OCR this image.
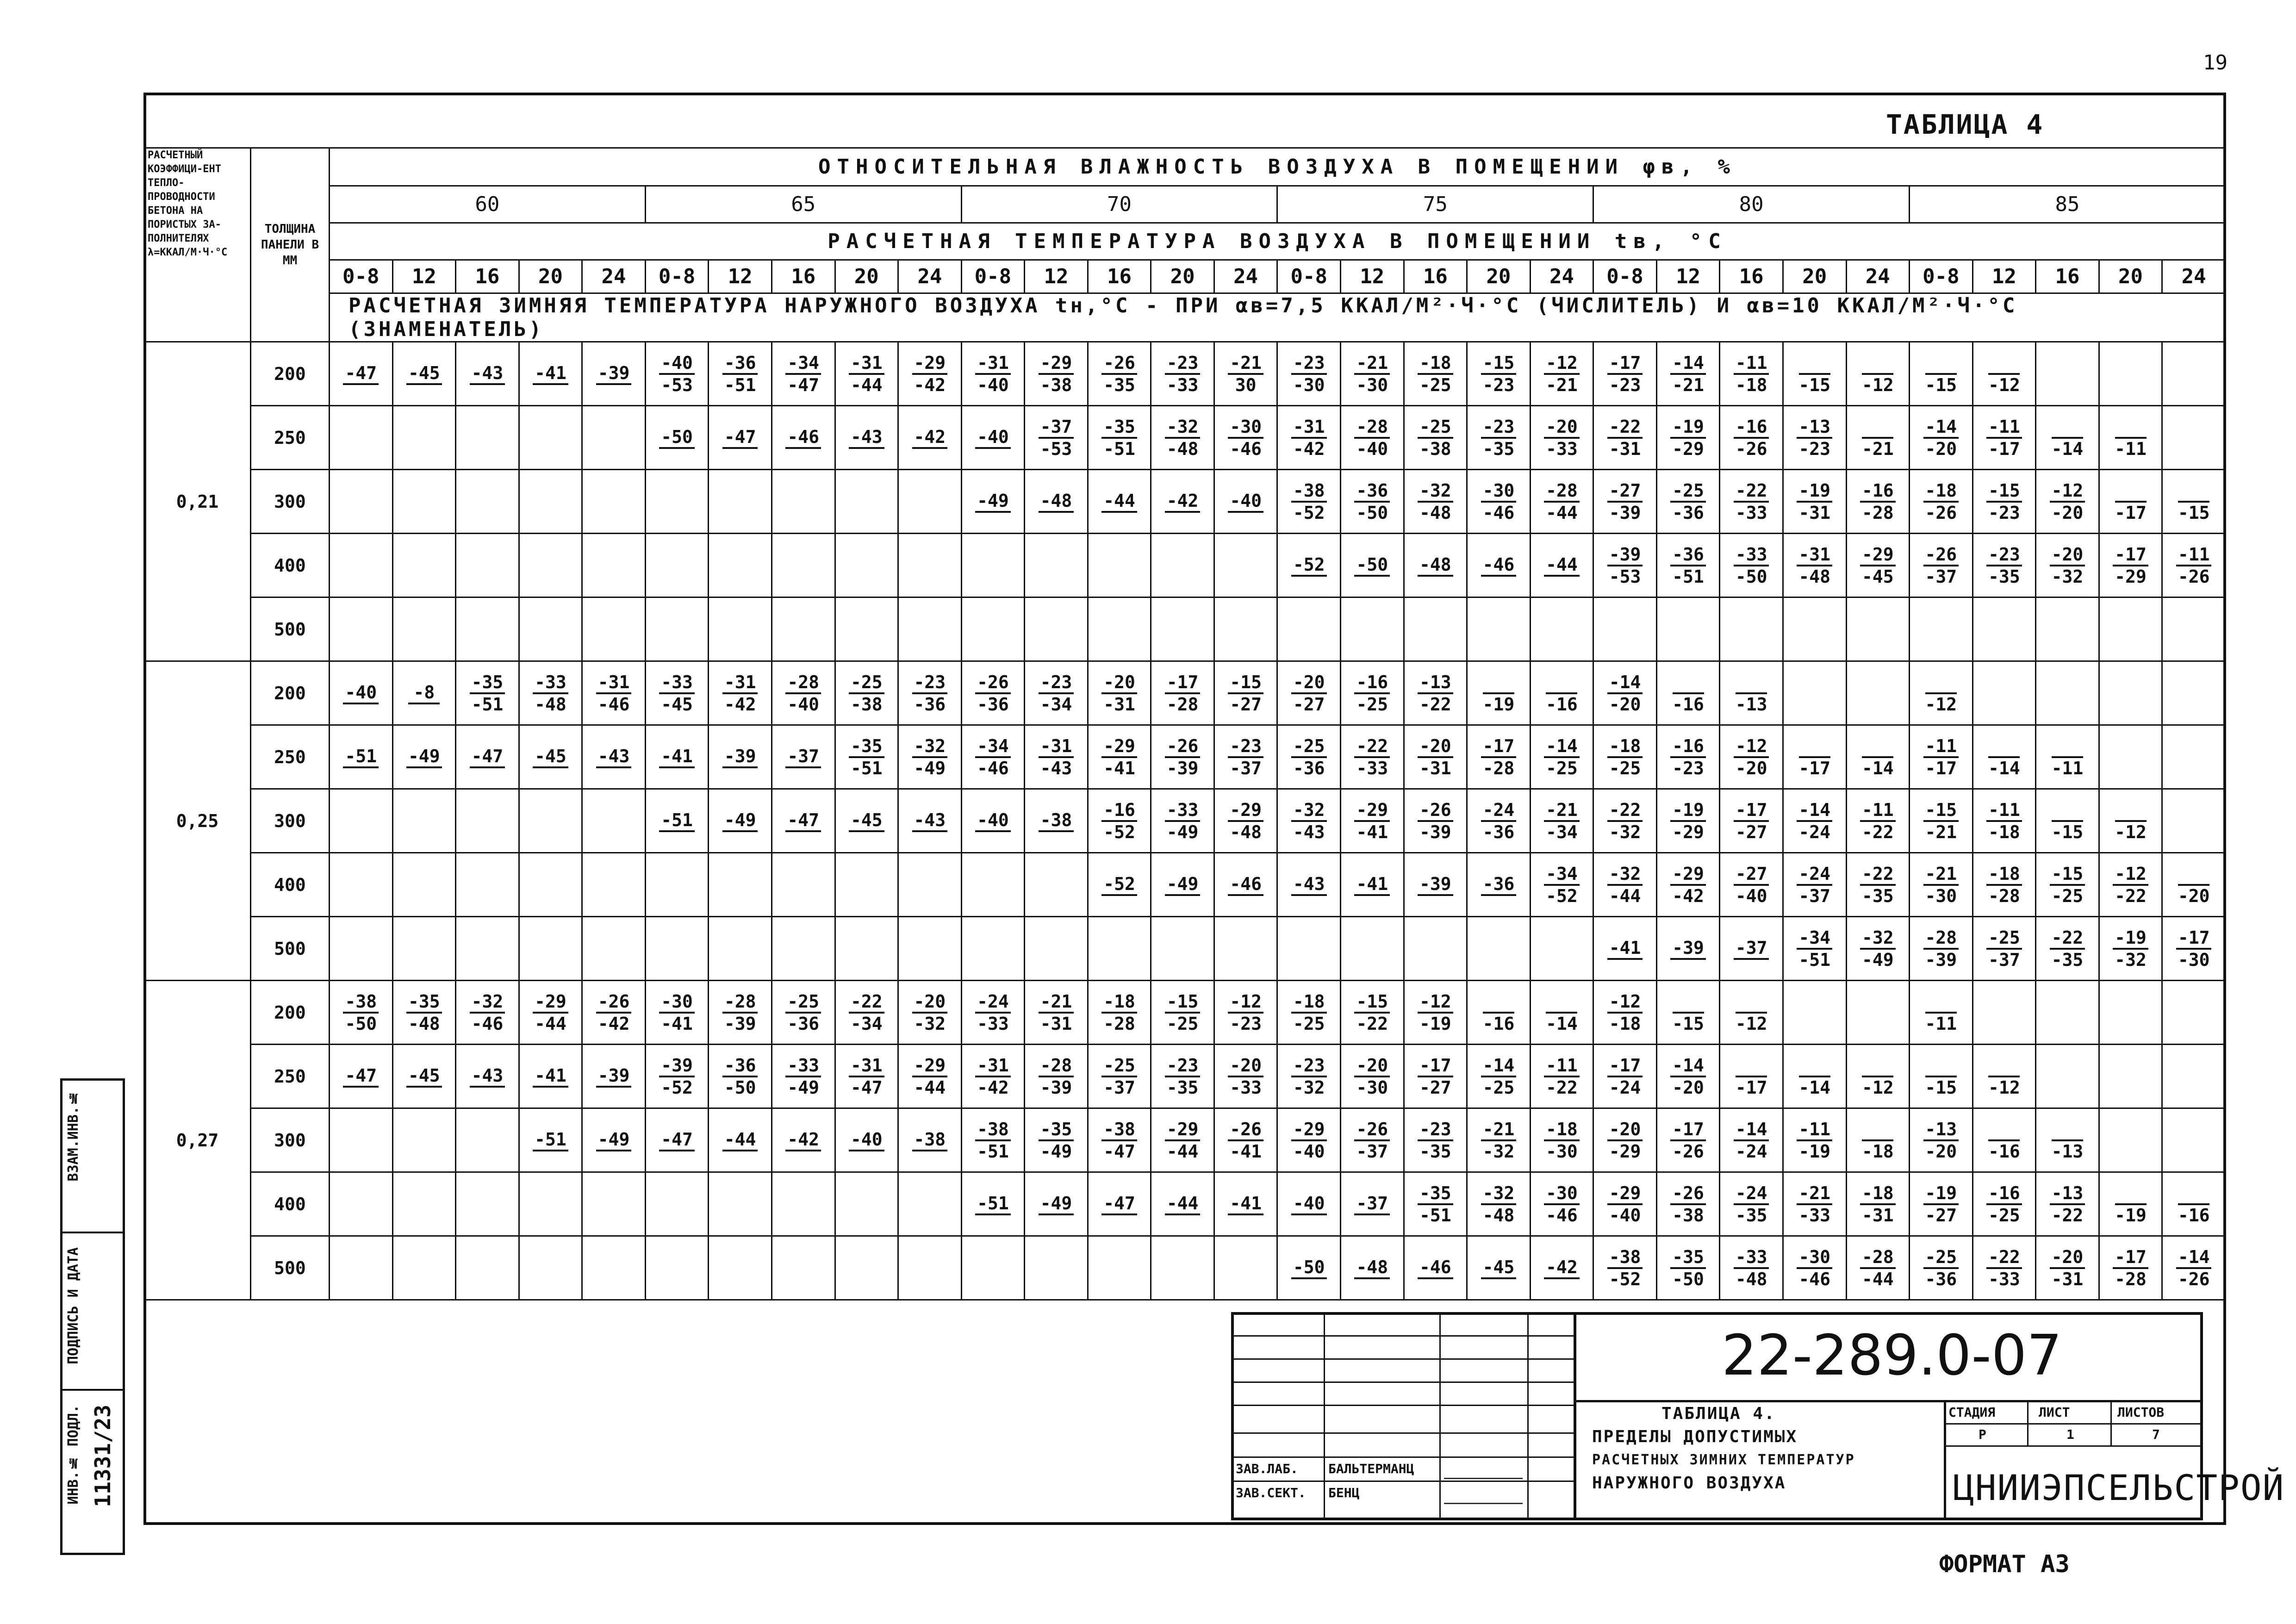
19
ТАБЛИЦА 4
РАСЧЕТНЫЙ КОЭФФИЦИ-ЕНТ ТЕПЛО-ПРОВОДНОСТИ БЕТОНА НА ПОРИСТЫХ ЗА-ПОЛНИТЕЛЯХ
λ=ККАЛ/М·Ч·°С	ТОЛЩИНА ПАНЕЛИ В ММ	ОТНОСИТЕЛЬНАЯ ВЛАЖНОСТЬ ВОЗДУХА В ПОМЕЩЕНИИ φв, %																													
		60					65					70					75					80					85				
		РАСЧЕТНАЯ ТЕМПЕРАТУРА ВОЗДУХА В ПОМЕЩЕНИИ tв, °С																													
		0-8	12	16	20	24	0-8	12	16	20	24	0-8	12	16	20	24	0-8	12	16	20	24	0-8	12	16	20	24	0-8	12	16	20	24
		РАСЧЕТНАЯ ЗИМНЯЯ ТЕМПЕРАТУРА НАРУЖНОГО ВОЗДУХА tн,°С - ПРИ αв=7,5 ККАЛ/М²·Ч·°С (ЧИСЛИТЕЛЬ) И αв=10 ККАЛ/М²·Ч·°С (ЗНАМЕНАТЕЛЬ)																													
0,21	200	-47	-45	-43	-41	-39	$\frac{-40}{-53}$	$\frac{-36}{-51}$	$\frac{-34}{-47}$	$\frac{-31}{-44}$	$\frac{-29}{-42}$	$\frac{-31}{-40}$	$\frac{-29}{-38}$	$\frac{-26}{-35}$	$\frac{-23}{-33}$	$\frac{-21}{30}$	$\frac{-23}{-30}$	$\frac{-21}{-30}$	$\frac{-18}{-25}$	$\frac{-15}{-23}$	$\frac{-12}{-21}$	$\frac{-17}{-23}$	$\frac{-14}{-21}$	$\frac{-11}{-18}$	-15	-12	-15	-12			

	250						-50	-47	-46	-43	-42	-40	$\frac{-37}{-53}$	$\frac{-35}{-51}$	$\frac{-32}{-48}$	$\frac{-30}{-46}$	$\frac{-31}{-42}$	$\frac{-28}{-40}$	$\frac{-25}{-38}$	$\frac{-23}{-35}$	$\frac{-20}{-33}$	$\frac{-22}{-31}$	$\frac{-19}{-29}$	$\frac{-16}{-26}$	$\frac{-13}{-23}$	-21	$\frac{-14}{-20}$	$\frac{-11}{-17}$	-14	-11	

	300											-49	-48	-44	-42	-40	$\frac{-38}{-52}$	$\frac{-36}{-50}$	$\frac{-32}{-48}$	$\frac{-30}{-46}$	$\frac{-28}{-44}$	$\frac{-27}{-39}$	$\frac{-25}{-36}$	$\frac{-22}{-33}$	$\frac{-19}{-31}$	$\frac{-16}{-28}$	$\frac{-18}{-26}$	$\frac{-15}{-23}$	$\frac{-12}{-20}$	-17	-15

	400																-52	-50	-48	-46	-44	$\frac{-39}{-53}$	$\frac{-36}{-51}$	$\frac{-33}{-50}$	$\frac{-31}{-48}$	$\frac{-29}{-45}$	$\frac{-26}{-37}$	$\frac{-23}{-35}$	$\frac{-20}{-32}$	$\frac{-17}{-29}$	$\frac{-11}{-26}$

	500																														
0,25	200	-40	-8	$\frac{-35}{-51}$	$\frac{-33}{-48}$	$\frac{-31}{-46}$	$\frac{-33}{-45}$	$\frac{-31}{-42}$	$\frac{-28}{-40}$	$\frac{-25}{-38}$	$\frac{-23}{-36}$	$\frac{-26}{-36}$	$\frac{-23}{-34}$	$\frac{-20}{-31}$	$\frac{-17}{-28}$	$\frac{-15}{-27}$	$\frac{-20}{-27}$	$\frac{-16}{-25}$	$\frac{-13}{-22}$	-19	-16	$\frac{-14}{-20}$	-16	-13			-12				

	250	-51	-49	-47	-45	-43	-41	-39	-37	$\frac{-35}{-51}$	$\frac{-32}{-49}$	$\frac{-34}{-46}$	$\frac{-31}{-43}$	$\frac{-29}{-41}$	$\frac{-26}{-39}$	$\frac{-23}{-37}$	$\frac{-25}{-36}$	$\frac{-22}{-33}$	$\frac{-20}{-31}$	$\frac{-17}{-28}$	$\frac{-14}{-25}$	$\frac{-18}{-25}$	$\frac{-16}{-23}$	$\frac{-12}{-20}$	-17	-14	$\frac{-11}{-17}$	-14	-11		

	300						-51	-49	-47	-45	-43	-40	-38	$\frac{-16}{-52}$	$\frac{-33}{-49}$	$\frac{-29}{-48}$	$\frac{-32}{-43}$	$\frac{-29}{-41}$	$\frac{-26}{-39}$	$\frac{-24}{-36}$	$\frac{-21}{-34}$	$\frac{-22}{-32}$	$\frac{-19}{-29}$	$\frac{-17}{-27}$	$\frac{-14}{-24}$	$\frac{-11}{-22}$	$\frac{-15}{-21}$	$\frac{-11}{-18}$	-15	-12	

	400													-52	-49	-46	-43	-41	-39	-36	$\frac{-34}{-52}$	$\frac{-32}{-44}$	$\frac{-29}{-42}$	$\frac{-27}{-40}$	$\frac{-24}{-37}$	$\frac{-22}{-35}$	$\frac{-21}{-30}$	$\frac{-18}{-28}$	$\frac{-15}{-25}$	$\frac{-12}{-22}$	-20

	500																					-41	-39	-37	$\frac{-34}{-51}$	$\frac{-32}{-49}$	$\frac{-28}{-39}$	$\frac{-25}{-37}$	$\frac{-22}{-35}$	$\frac{-19}{-32}$	$\frac{-17}{-30}$

0,27	200	$\frac{-38}{-50}$	$\frac{-35}{-48}$	$\frac{-32}{-46}$	$\frac{-29}{-44}$	$\frac{-26}{-42}$	$\frac{-30}{-41}$	$\frac{-28}{-39}$	$\frac{-25}{-36}$	$\frac{-22}{-34}$	$\frac{-20}{-32}$	$\frac{-24}{-33}$	$\frac{-21}{-31}$	$\frac{-18}{-28}$	$\frac{-15}{-25}$	$\frac{-12}{-23}$	$\frac{-18}{-25}$	$\frac{-15}{-22}$	$\frac{-12}{-19}$	-16	-14	$\frac{-12}{-18}$	-15	-12			-11				

	250	-47	-45	-43	-41	-39	$\frac{-39}{-52}$	$\frac{-36}{-50}$	$\frac{-33}{-49}$	$\frac{-31}{-47}$	$\frac{-29}{-44}$	$\frac{-31}{-42}$	$\frac{-28}{-39}$	$\frac{-25}{-37}$	$\frac{-23}{-35}$	$\frac{-20}{-33}$	$\frac{-23}{-32}$	$\frac{-20}{-30}$	$\frac{-17}{-27}$	$\frac{-14}{-25}$	$\frac{-11}{-22}$	$\frac{-17}{-24}$	$\frac{-14}{-20}$	-17	-14	-12	-15	-12			

	300				-51	-49	-47	-44	-42	-40	-38	$\frac{-38}{-51}$	$\frac{-35}{-49}$	$\frac{-38}{-47}$	$\frac{-29}{-44}$	$\frac{-26}{-41}$	$\frac{-29}{-40}$	$\frac{-26}{-37}$	$\frac{-23}{-35}$	$\frac{-21}{-32}$	$\frac{-18}{-30}$	$\frac{-20}{-29}$	$\frac{-17}{-26}$	$\frac{-14}{-24}$	$\frac{-11}{-19}$	-18	$\frac{-13}{-20}$	-16	-13		

	400											-51	-49	-47	-44	-41	-40	-37	$\frac{-35}{-51}$	$\frac{-32}{-48}$	$\frac{-30}{-46}$	$\frac{-29}{-40}$	$\frac{-26}{-38}$	$\frac{-24}{-35}$	$\frac{-21}{-33}$	$\frac{-18}{-31}$	$\frac{-19}{-27}$	$\frac{-16}{-25}$	$\frac{-13}{-22}$	-19	-16

	500																-50	-48	-46	-45	-42	$\frac{-38}{-52}$	$\frac{-35}{-50}$	$\frac{-33}{-48}$	$\frac{-30}{-46}$	$\frac{-28}{-44}$	$\frac{-25}{-36}$	$\frac{-22}{-33}$	$\frac{-20}{-31}$	$\frac{-17}{-28}$	$\frac{-14}{-26}$
ВЗАМ.ИНВ.№
ПОДПИСЬ И ДАТА
ИНВ.№ ПОДЛ. 11331/23	ЗАВ.ЛАБ. БАЛЬТЕРМАНЦ
ЗАВ.СЕКТ. БЕНЦ
СТАДИЯ	ЛИСТ	ЛИСТОВ
Р	1	7
22-289.0-07
ТАБЛИЦА 4.
ПРЕДЕЛЫ ДОПУСТИМЫХ
РАСЧЕТНЫХ ЗИМНИХ ТЕМПЕРАТУР
НАРУЖНОГО ВОЗДУХА	ЦНИИЭПСЕЛЬСТРОЙ
ФОРМАТ А3
